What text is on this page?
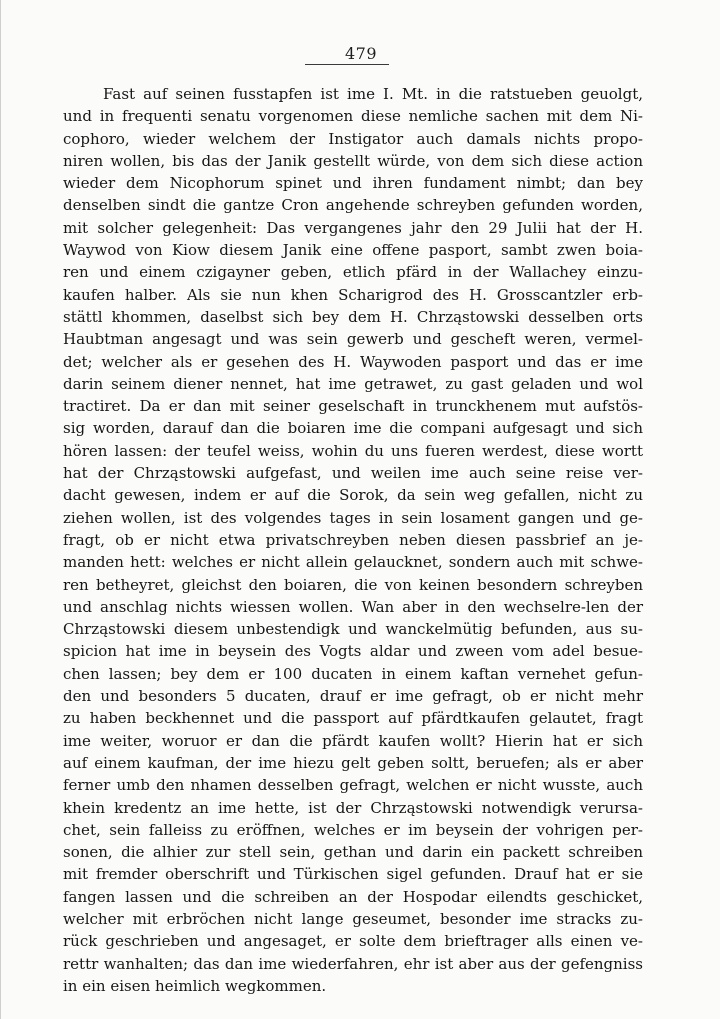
479
Fast auf seinen fusstapfen ist ime I. Mt. in die ratstueben geuolgt,
und in frequenti senatu vorgenomen diese nemliche sachen mit dem Ni-
cophoro, wieder welchem der Instigator auch damals nichts propo-
niren wollen, bis das der Janik gestellt würde, von dem sich diese action
wieder dem Nicophorum spinet und ihren fundament nimbt; dan bey
denselben sindt die gantze Cron angehende schreyben gefunden worden,
mit solcher gelegenheit: Das vergangenes jahr den 29 Julii hat der H.
Waywod von Kiow diesem Janik eine offene pasport, sambt zwen boia-
ren und einem czigayner geben, etlich pfärd in der Wallachey einzu-
kaufen halber. Als sie nun khen Scharigrod des H. Grosscantzler erb-
stättl khommen, daselbst sich bey dem H. Chrząstowski desselben orts
Haubtman angesagt und was sein gewerb und gescheft weren, vermel-
det; welcher als er gesehen des H. Waywoden pasport und das er ime
darin seinem diener nennet, hat ime getrawet, zu gast geladen und wol
tractiret. Da er dan mit seiner geselschaft in trunckhenem mut aufstös-
sig worden, darauf dan die boiaren ime die compani aufgesagt und sich
hören lassen: der teufel weiss, wohin du uns fueren werdest, diese wortt
hat der Chrząstowski aufgefast, und weilen ime auch seine reise ver-
dacht gewesen, indem er auf die Sorok, da sein weg gefallen, nicht zu
ziehen wollen, ist des volgendes tages in sein losament gangen und ge-
fragt, ob er nicht etwa privatschreyben neben diesen passbrief an je-
manden hett: welches er nicht allein gelaucknet, sondern auch mit schwe-
ren betheyret, gleichst den boiaren, die von keinen besondern schreyben
und anschlag nichts wiessen wollen. Wan aber in den wechselre-len der
Chrząstowski diesem unbestendigk und wanckelmütig befunden, aus su-
spicion hat ime in beysein des Vogts aldar und zween vom adel besue-
chen lassen; bey dem er 100 ducaten in einem kaftan vernehet gefun-
den und besonders 5 ducaten, drauf er ime gefragt, ob er nicht mehr
zu haben beckhennet und die passport auf pfärdtkaufen gelautet, fragt
ime weiter, woruor er dan die pfärdt kaufen wollt? Hierin hat er sich
auf einem kaufman, der ime hiezu gelt geben soltt, beruefen; als er aber
ferner umb den nhamen desselben gefragt, welchen er nicht wusste, auch
khein kredentz an ime hette, ist der Chrząstowski notwendigk verursa-
chet, sein falleiss zu eröffnen, welches er im beysein der vohrigen per-
sonen, die alhier zur stell sein, gethan und darin ein packett schreiben
mit fremder oberschrift und Türkischen sigel gefunden. Drauf hat er sie
fangen lassen und die schreiben an der Hospodar eilendts geschicket,
welcher mit erbröchen nicht lange geseumet, besonder ime stracks zu-
rück geschrieben und angesaget, er solte dem brieftrager alls einen ve-
rettr wanhalten; das dan ime wiederfahren, ehr ist aber aus der gefengniss
in ein eisen heimlich wegkommen.
